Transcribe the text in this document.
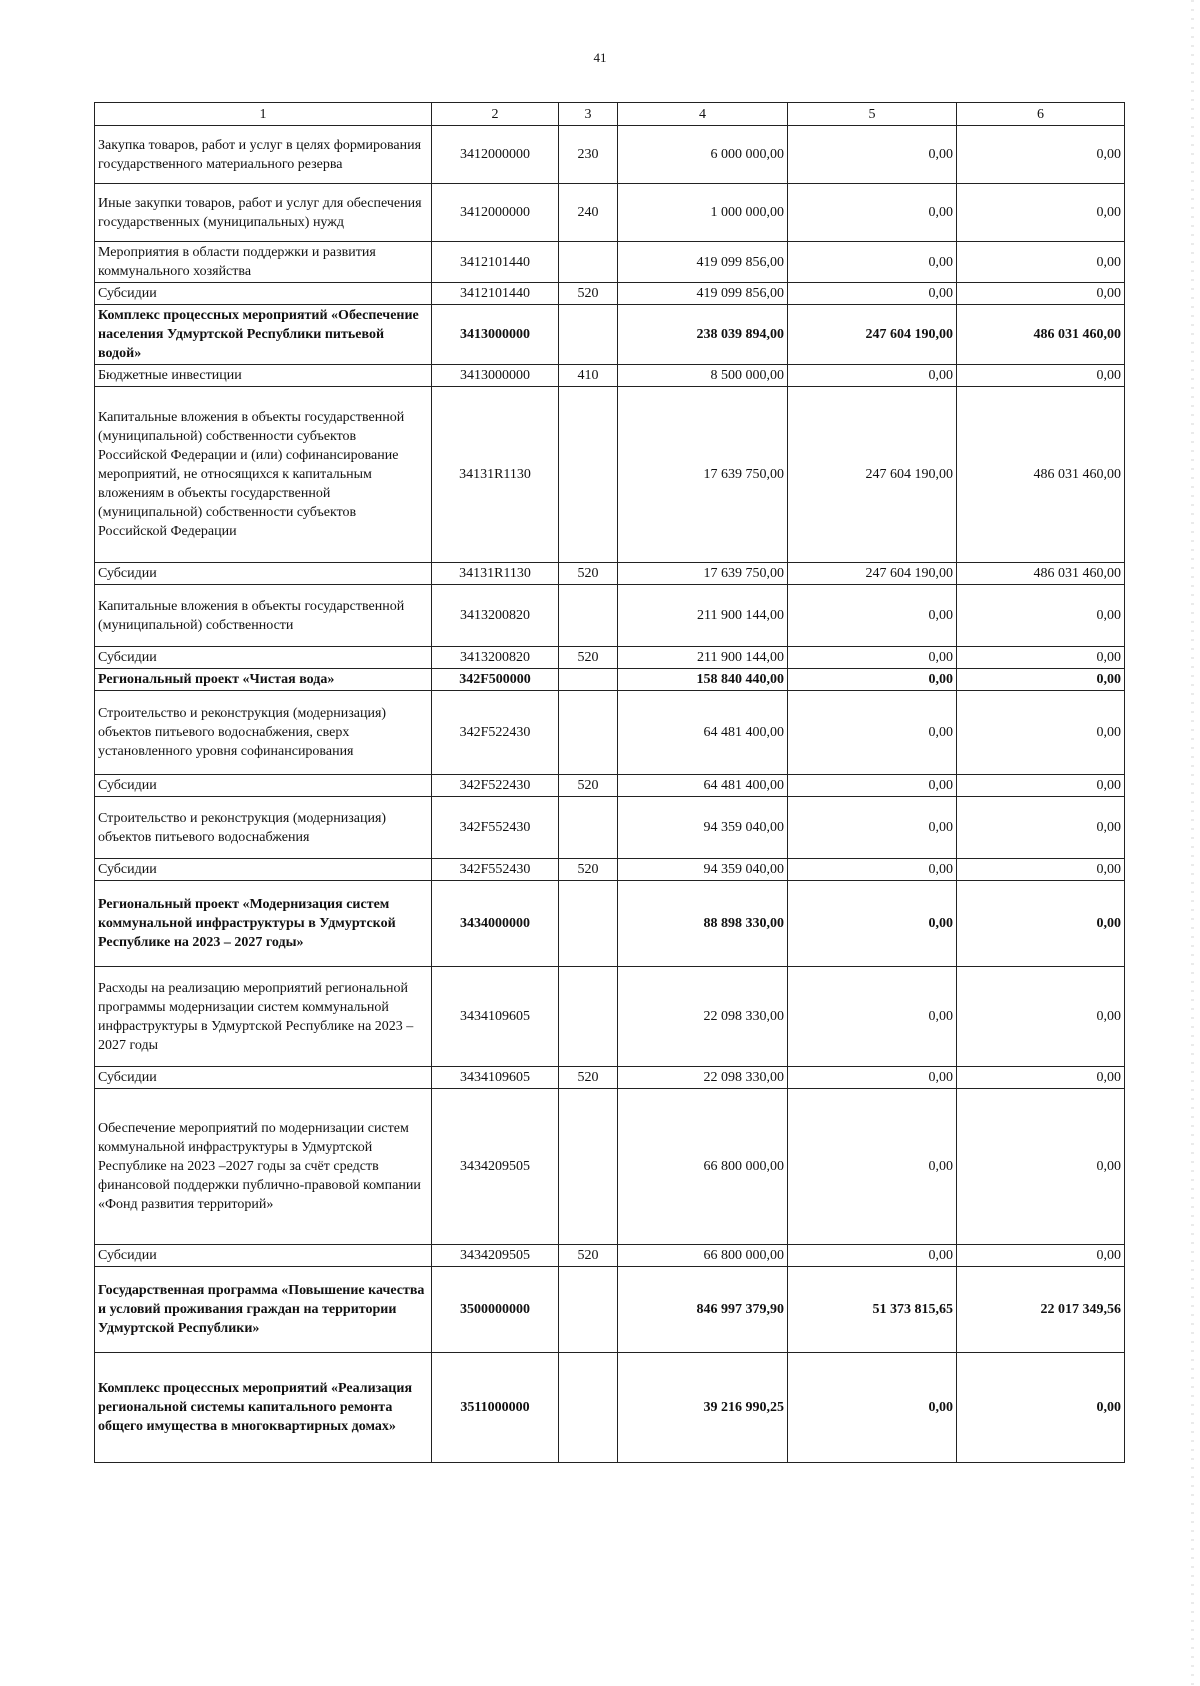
41
1	2	3	4	5	6
Закупка товаров, работ и услуг в целях формирования государственного материального резерва	3412000000	230	6 000 000,00	0,00	0,00
Иные закупки товаров, работ и услуг для обеспечения государственных (муниципальных) нужд	3412000000	240	1 000 000,00	0,00	0,00
Мероприятия в области поддержки и развития коммунального хозяйства	3412101440		419 099 856,00	0,00	0,00
Субсидии	3412101440	520	419 099 856,00	0,00	0,00
Комплекс процессных мероприятий «Обеспечение населения Удмуртской Республики питьевой водой»	3413000000		238 039 894,00	247 604 190,00	486 031 460,00
Бюджетные инвестиции	3413000000	410	8 500 000,00	0,00	0,00
Капитальные вложения в объекты государственной (муниципальной) собственности субъектов Российской Федерации и (или) софинансирование мероприятий, не относящихся к капитальным вложениям в объекты государственной (муниципальной) собственности субъектов Российской Федерации	34131R1130		17 639 750,00	247 604 190,00	486 031 460,00
Субсидии	34131R1130	520	17 639 750,00	247 604 190,00	486 031 460,00
Капитальные вложения в объекты государственной (муниципальной) собственности	3413200820		211 900 144,00	0,00	0,00
Субсидии	3413200820	520	211 900 144,00	0,00	0,00
Региональный проект «Чистая вода»	342F500000		158 840 440,00	0,00	0,00
Строительство и реконструкция (модернизация) объектов питьевого водоснабжения, сверх установленного уровня софинансирования	342F522430		64 481 400,00	0,00	0,00
Субсидии	342F522430	520	64 481 400,00	0,00	0,00
Строительство и реконструкция (модернизация) объектов питьевого водоснабжения	342F552430		94 359 040,00	0,00	0,00
Субсидии	342F552430	520	94 359 040,00	0,00	0,00
Региональный проект «Модернизация систем коммунальной инфраструктуры в Удмуртской Республике на 2023 – 2027 годы»	3434000000		88 898 330,00	0,00	0,00
Расходы на реализацию мероприятий региональной программы модернизации систем коммунальной инфраструктуры в Удмуртской Республике на 2023 – 2027 годы	3434109605		22 098 330,00	0,00	0,00
Субсидии	3434109605	520	22 098 330,00	0,00	0,00
Обеспечение мероприятий по модернизации систем коммунальной инфраструктуры в Удмуртской Республике на 2023 –2027 годы за счёт средств финансовой поддержки публично-правовой компании «Фонд развития территорий»	3434209505		66 800 000,00	0,00	0,00
Субсидии	3434209505	520	66 800 000,00	0,00	0,00
Государственная программа «Повышение качества и условий проживания граждан на территории Удмуртской Республики»	3500000000		846 997 379,90	51 373 815,65	22 017 349,56
Комплекс процессных мероприятий «Реализация региональной системы капитального ремонта общего имущества в многоквартирных домах»	3511000000		39 216 990,25	0,00	0,00
